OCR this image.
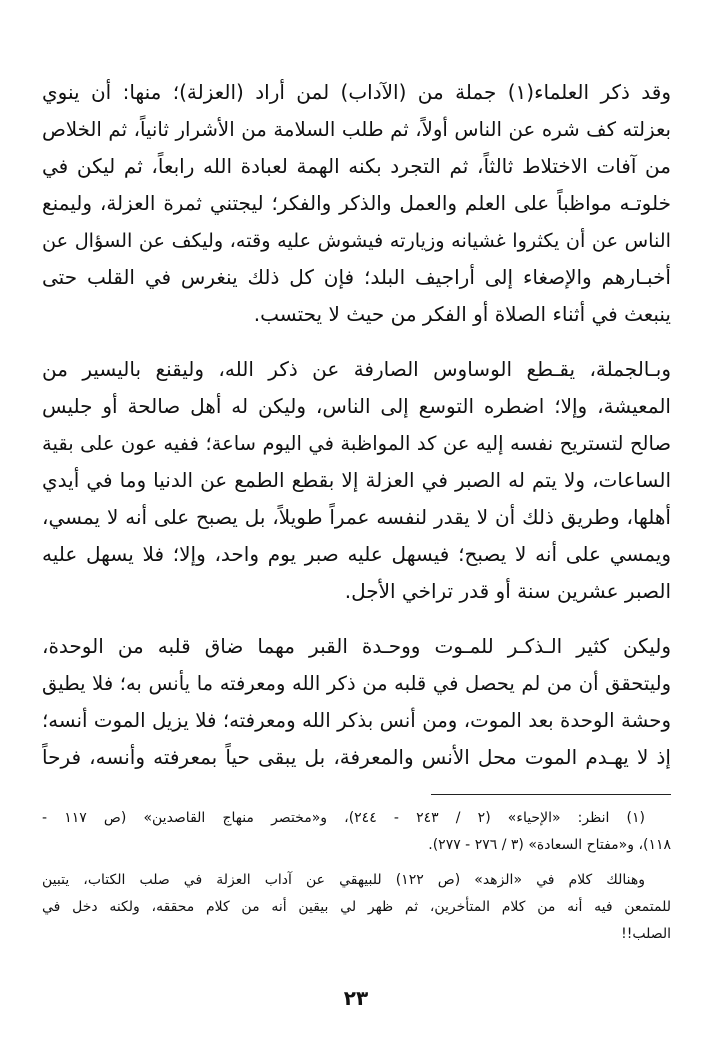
وقد ذكر العلماء(١) جملة من (الآداب) لمن أراد (العزلة)؛ منها: أن ينوي
بعزلته كف شره عن الناس أولاً، ثم طلب السلامة من الأشرار ثانياً، ثم الخلاص
من آفات الاختلاط ثالثاً، ثم التجرد بكنه الهمة لعبادة الله رابعاً، ثم ليكن في
خلوتـه مواظباً على العلم والعمل والذكر والفكر؛ ليجتني ثمرة العزلة، وليمنع
الناس عن أن يكثروا غشيانه وزيارته فيشوش عليه وقته، وليكف عن السؤال عن
أخبـارهم والإصغاء إلى أراجيف البلد؛ فإن كل ذلك ينغرس في القلب حتى
ينبعث في أثناء الصلاة أو الفكر من حيث لا يحتسب.
وبـالجملة، يقـطع الوساوس الصارفة عن ذكر الله، وليقنع باليسير من
المعيشة، وإلا؛ اضطره التوسع إلى الناس، وليكن له أهل صالحة أو جليس
صالح لتستريح نفسه إليه عن كد المواظبة في اليوم ساعة؛ ففيه عون على بقية
الساعات، ولا يتم له الصبر في العزلة إلا بقطع الطمع عن الدنيا وما في أيدي
أهلها، وطريق ذلك أن لا يقدر لنفسه عمراً طويلاً، بل يصبح على أنه لا يمسي،
ويمسي على أنه لا يصبح؛ فيسهل عليه صبر يوم واحد، وإلا؛ فلا يسهل عليه
الصبر عشرين سنة أو قدر تراخي الأجل.
وليكن كثير الـذكـر للمـوت ووحـدة القبر مهما ضاق قلبه من الوحدة،
وليتحقق أن من لم يحصل في قلبه من ذكر الله ومعرفته ما يأنس به؛ فلا يطيق
وحشة الوحدة بعد الموت، ومن أنس بذكر الله ومعرفته؛ فلا يزيل الموت أنسه؛
إذ لا يهـدم الموت محل الأنس والمعرفة، بل يبقى حياً بمعرفته وأنسه، فرحاً
(١) انظر: «الإحياء» (٢ / ٢٤٣ - ٢٤٤)، و«مختصر منهاج القاصدين» (ص ١١٧ -
١١٨)، و«مفتاح السعادة» (٣ / ٢٧٦ - ٢٧٧).
وهنالك كلام في «الزهد» (ص ١٢٢) للبيهقي عن آداب العزلة في صلب الكتاب، يتبين
للمتمعن فيه أنه من كلام المتأخرين، ثم ظهر لي بيقين أنه من كلام محققه، ولكنه دخل في
الصلب!!
٢٣
